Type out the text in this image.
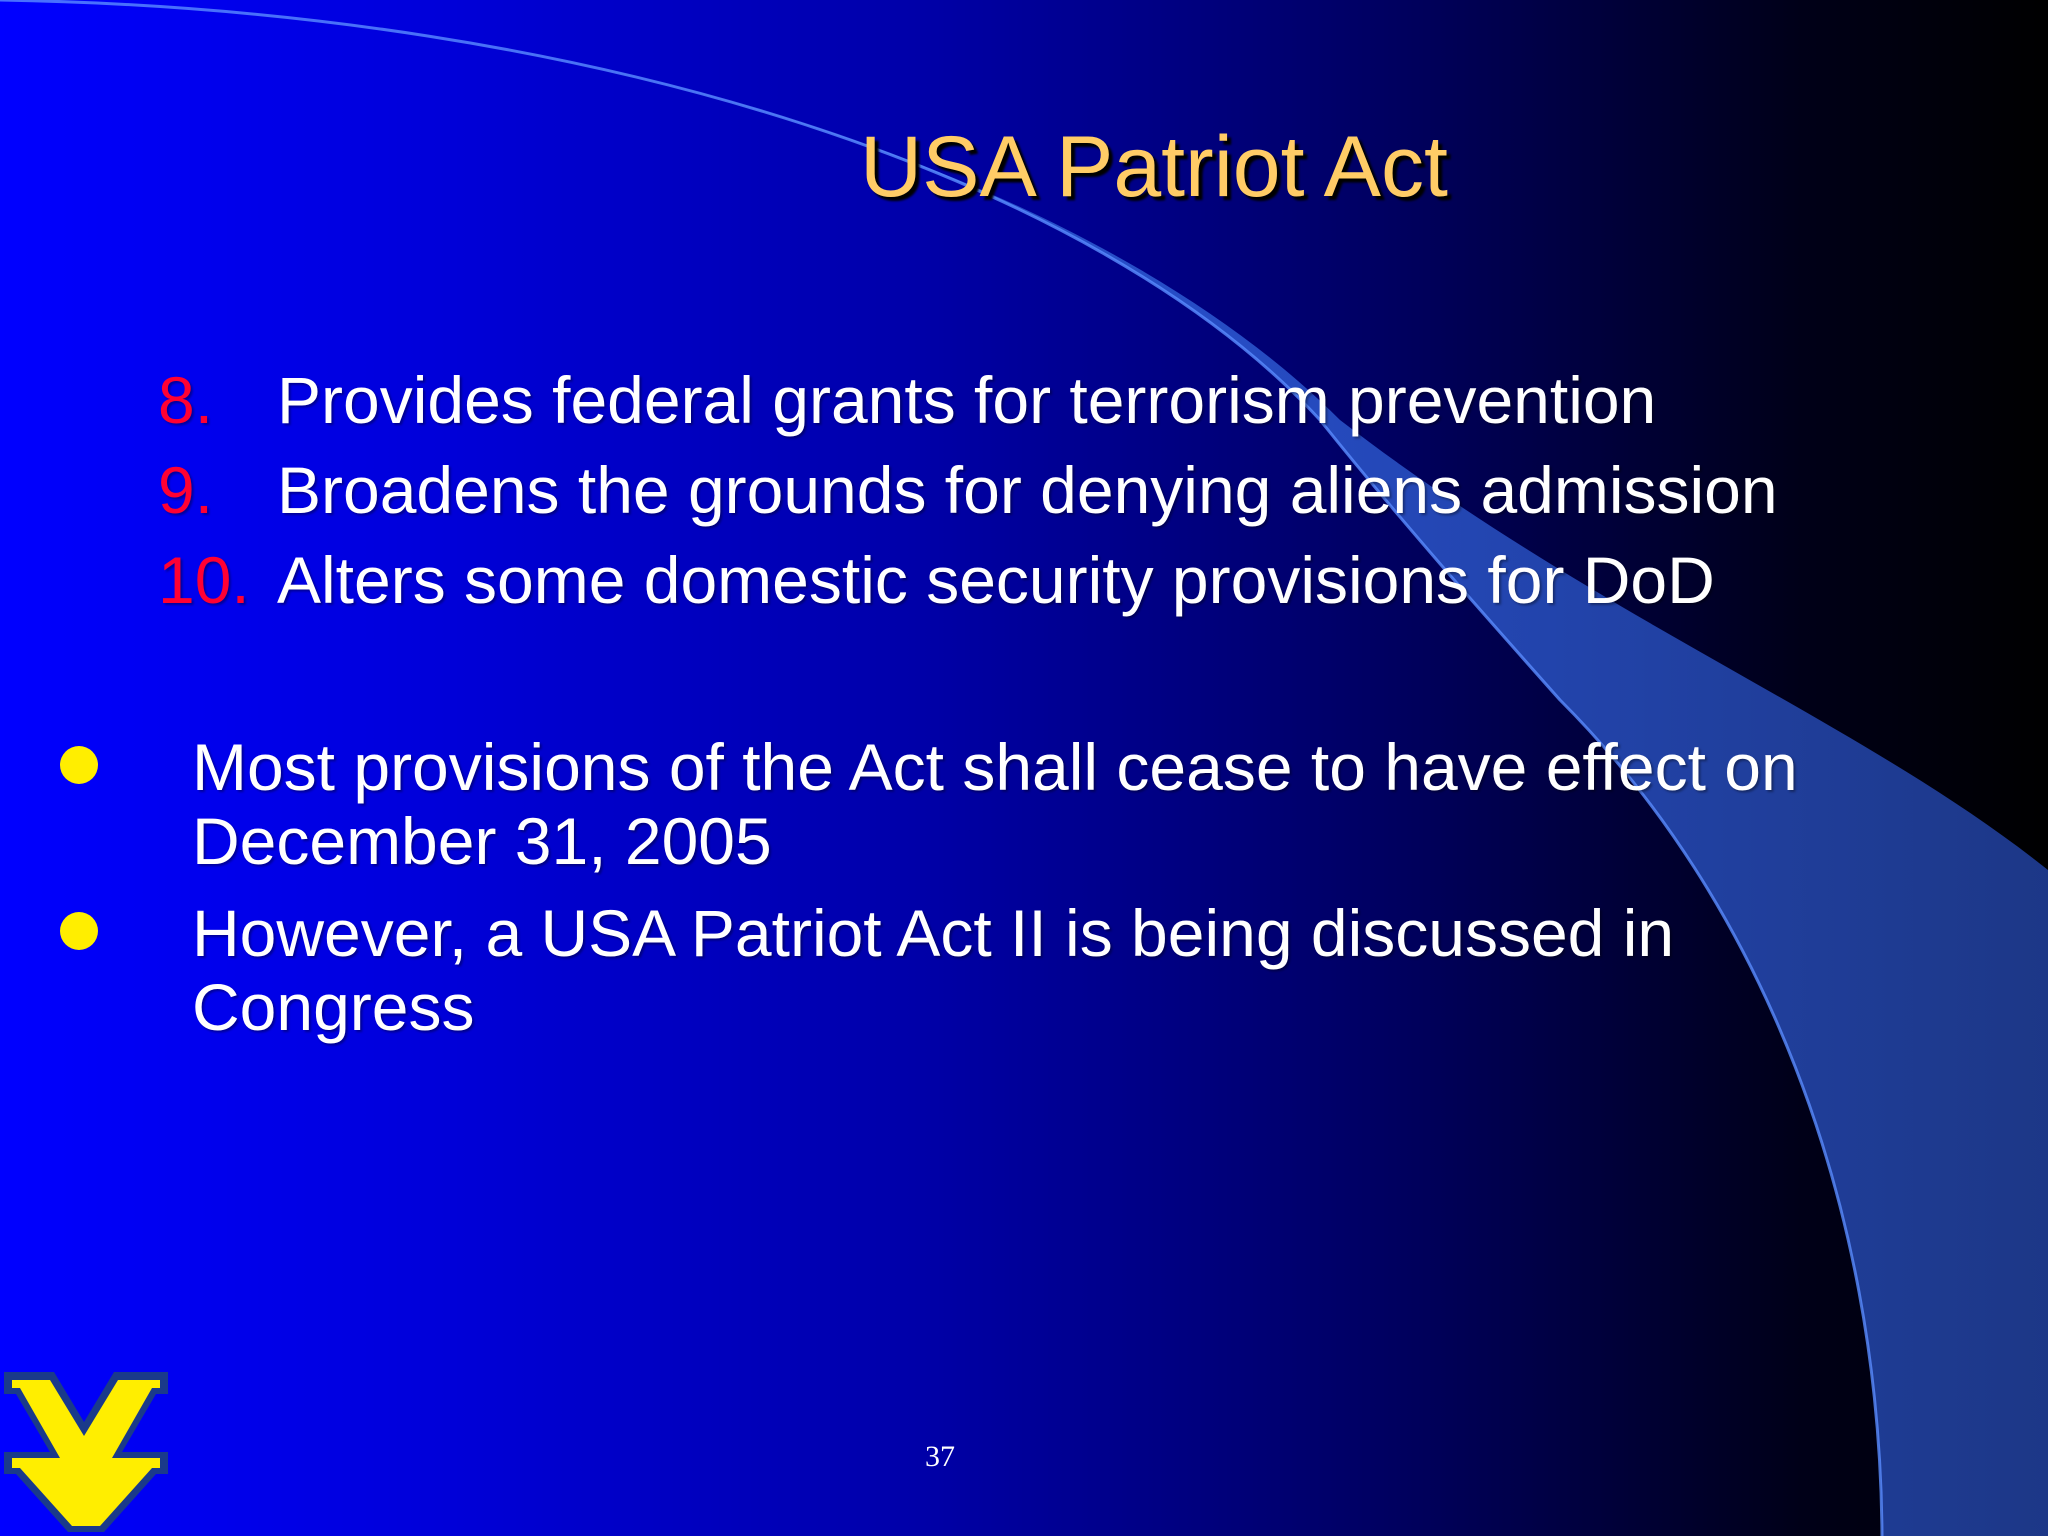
USA Patriot Act
8. Provides federal grants for terrorism prevention
9. Broadens the grounds for denying aliens admission
10. Alters some domestic security provisions for DoD
Most provisions of the Act shall cease to have effect on December 31, 2005
However, a USA Patriot Act II is being discussed in Congress
37
